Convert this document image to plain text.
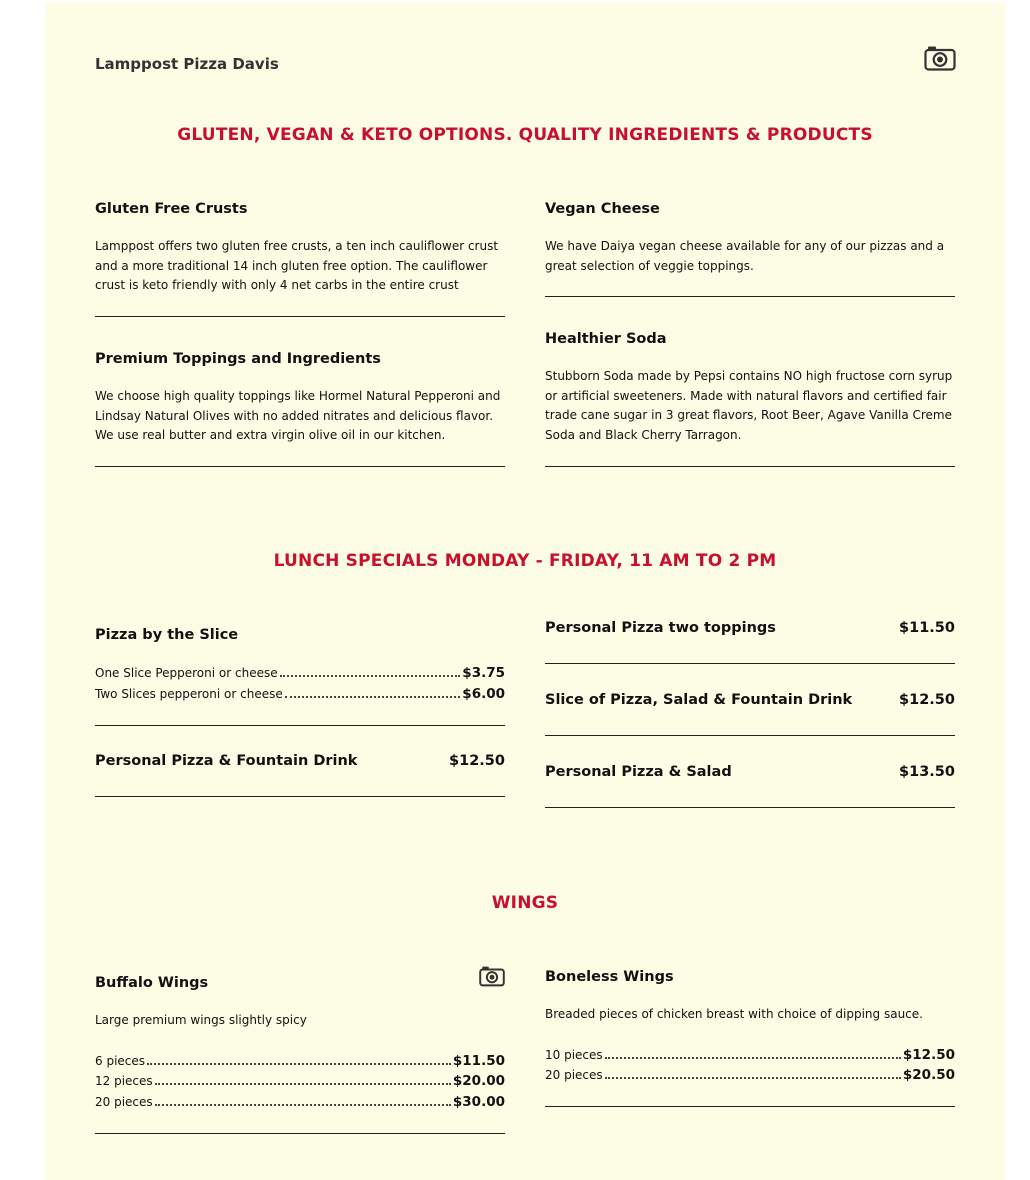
Lamppost Pizza Davis
GLUTEN, VEGAN & KETO OPTIONS. QUALITY INGREDIENTS & PRODUCTS

Gluten Free Crusts

Lamppost offers two gluten free crusts, a ten inch cauliflower crust and a more traditional 14 inch gluten free option. The cauliflower crust is keto friendly with only 4 net carbs in the entire crust

Premium Toppings and Ingredients

We choose high quality toppings like Hormel Natural Pepperoni and Lindsay Natural Olives with no added nitrates and delicious flavor. We use real butter and extra virgin olive oil in our kitchen.

Vegan Cheese

We have Daiya vegan cheese available for any of our pizzas and a great selection of veggie toppings.

Healthier Soda

Stubborn Soda made by Pepsi contains NO high fructose corn syrup or artificial sweeteners. Made with natural flavors and certified fair trade cane sugar in 3 great flavors, Root Beer, Agave Vanilla Creme Soda and Black Cherry Tarragon.

LUNCH SPECIALS MONDAY - FRIDAY, 11 AM TO 2 PM

Pizza by the Slice

One Slice Pepperoni or cheese	$3.75
Two Slices pepperoni or cheese	$6.00
Personal Pizza & Fountain Drink	$12.50
Personal Pizza two toppings	$11.50
Slice of Pizza, Salad & Fountain Drink	$12.50
Personal Pizza & Salad	$13.50
WINGS

Buffalo Wings

Large premium wings slightly spicy

6 pieces	$11.50
12 pieces	$20.00
20 pieces	$30.00

Boneless Wings

Breaded pieces of chicken breast with choice of dipping sauce.

10 pieces	$12.50
20 pieces	$20.50
